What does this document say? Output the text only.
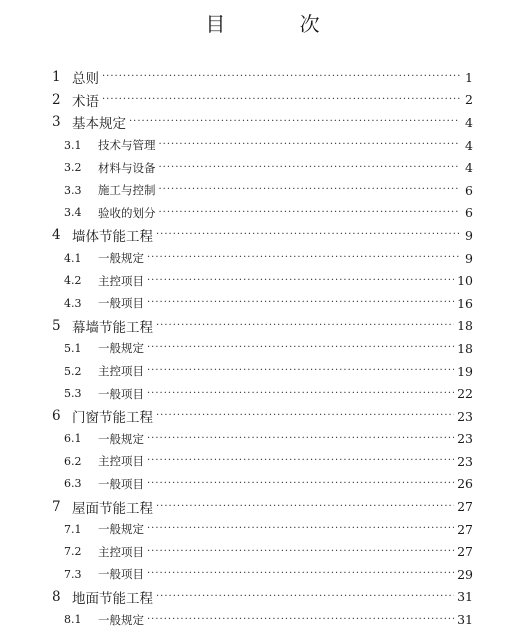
目 次
1 总则 ·····	1
2 术语 ·····	2
3 基本规定 ·····	4
3.1	技术与管理 ·····	4
3.2	材料与设备 ·····	4
3.3	施工与控制 ·····	6
3.4	验收的划分 ·····	6
4 墙体节能工程 ·····	9
4.1	一般规定 ·····	9
4.2	主控项目 ·····	10
4.3	一般项目 ·····	16
5 幕墙节能工程 ·····	18
5.1	一般规定 ·····	18
5.2	主控项目 ·····	19
5.3	一般项目 ·····	22
6 门窗节能工程 ·····	23
6.1	一般规定 ·····	23
6.2	主控项目 ·····	23
6.3	一般项目 ·····	26
7 屋面节能工程 ·····	27
7.1	一般规定 ·····	27
7.2	主控项目 ·····	27
7.3	一般项目 ·····	29
8 地面节能工程 ·····	31
8.1	一般规定 ·····	31
